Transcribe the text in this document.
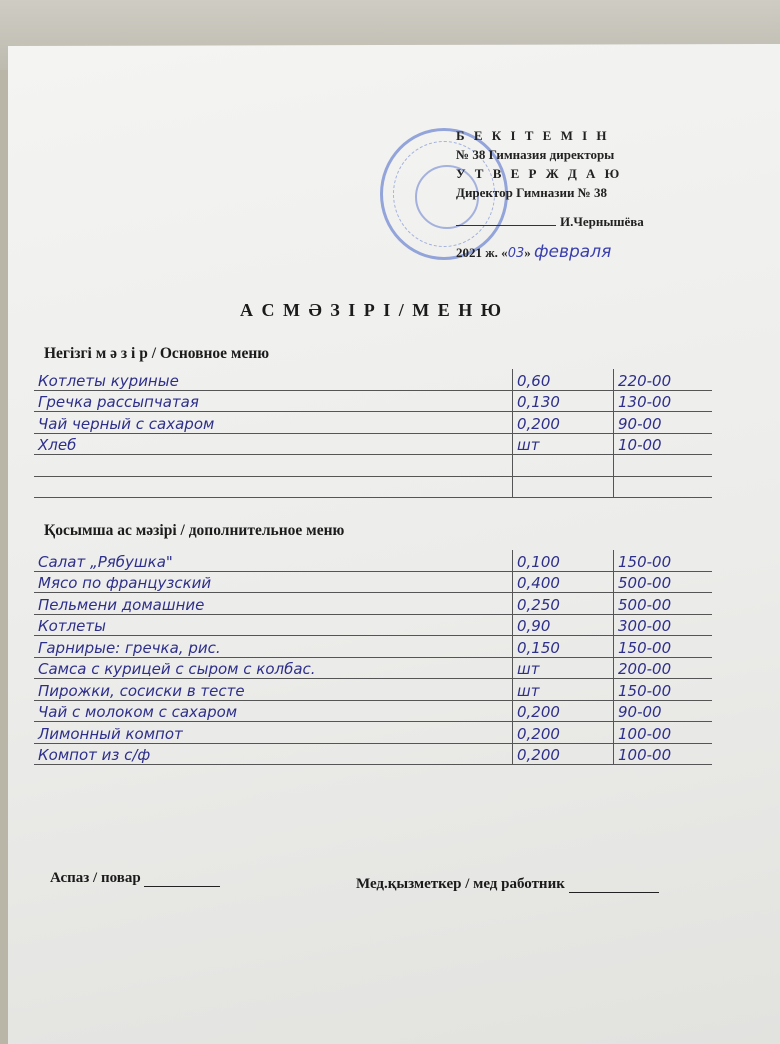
Б Е К І Т Е М І Н
№ 38 Гимназия директоры
У Т В Е Р Ж Д А Ю
Директор Гимназии № 38
И.Чернышёва
2021 ж. «03» февраля
А С М Ә З І Р І / М Е Н Ю
Негізгі м ә з і р / Основное меню
Котлеты куриные	0,60	220-00
Гречка рассыпчатая	0,130	130-00
Чай черный с сахаром	0,200	90-00
Хлеб	шт	10-00

Қосымша ас мәзірі / дополнительное меню
Салат „Рябушка"	0,100	150-00
Мясо по французский	0,400	500-00
Пельмени домашние	0,250	500-00
Котлеты	0,90	300-00
Гарнирые: гречка, рис.	0,150	150-00
Самса с курицей с сыром с колбас.	шт	200-00
Пирожки, сосиски в тесте	шт	150-00
Чай с молоком с сахаром	0,200	90-00
Лимонный компот	0,200	100-00
Компот из с/ф	0,200	100-00
Аспаз / повар	Мед.қызметкер / мед работник
